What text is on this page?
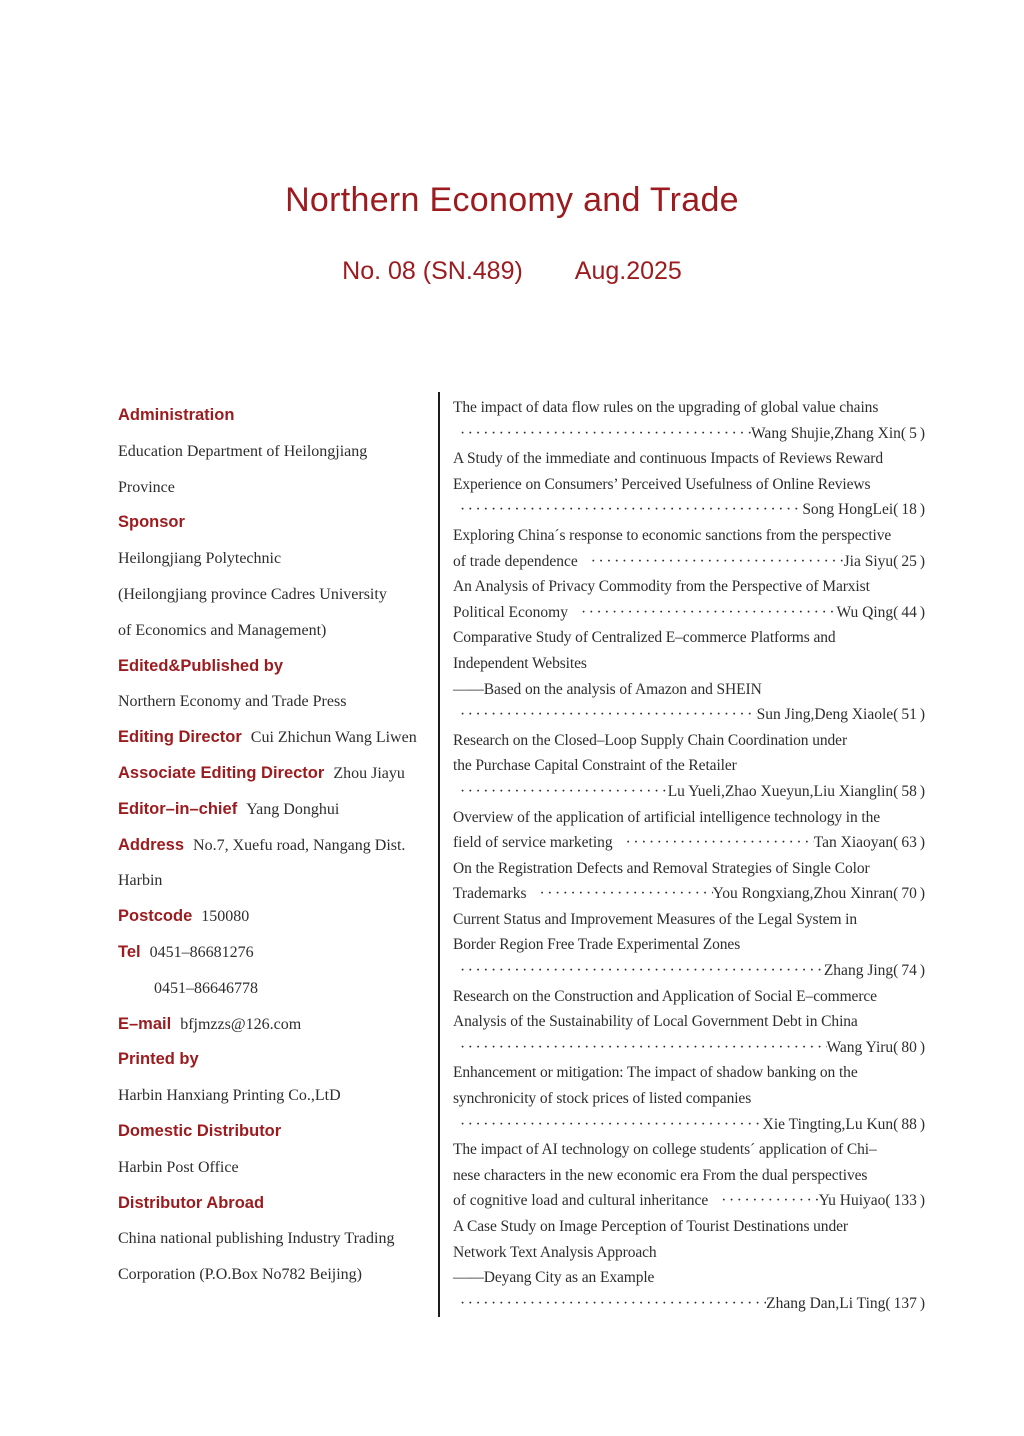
Northern Economy and Trade
No. 08 (SN.489) Aug.2025
Administration
Education Department of Heilongjiang
Province
Sponsor
Heilongjiang Polytechnic
(Heilongjiang province Cadres University
of Economics and Management)
Edited&Published by
Northern Economy and Trade Press
Editing Director Cui Zhichun Wang Liwen
Associate Editing Director Zhou Jiayu
Editor–in–chief Yang Donghui
Address No.7, Xuefu road, Nangang Dist.
Harbin
Postcode 150080
Tel 0451–86681276
0451–86646778
E–mail bfjmzzs@126.com
Printed by
Harbin Hanxiang Printing Co.,LtD
Domestic Distributor
Harbin Post Office
Distributor Abroad
China national publishing Industry Trading
Corporation (P.O.Box No782 Beijing)
The impact of data flow rules on the upgrading of global value chains
·····
Wang Shujie,Zhang Xin ( 5 )
A Study of the immediate and continuous Impacts of Reviews Reward
Experience on Consumers’ Perceived Usefulness of Online Reviews
·····
Song HongLei ( 18 )
Exploring China´s response to economic sanctions from the perspective
of trade dependence ·····	Jia Siyu ( 25 )
An Analysis of Privacy Commodity from the Perspective of Marxist
Political Economy ·····	Wu Qing ( 44 )
Comparative Study of Centralized E–commerce Platforms and
Independent Websites
——Based on the analysis of Amazon and SHEIN
·····
Sun Jing,Deng Xiaole ( 51 )
Research on the Closed–Loop Supply Chain Coordination under
the Purchase Capital Constraint of the Retailer
·····
Lu Yueli,Zhao Xueyun,Liu Xianglin ( 58 )
Overview of the application of artificial intelligence technology in the
field of service marketing ·····	Tan Xiaoyan ( 63 )
On the Registration Defects and Removal Strategies of Single Color
Trademarks ·····	You Rongxiang,Zhou Xinran ( 70 )
Current Status and Improvement Measures of the Legal System in
Border Region Free Trade Experimental Zones
·····
Zhang Jing ( 74 )
Research on the Construction and Application of Social E–commerce
Analysis of the Sustainability of Local Government Debt in China
·····
Wang Yiru ( 80 )
Enhancement or mitigation: The impact of shadow banking on the
synchronicity of stock prices of listed companies
·····
Xie Tingting,Lu Kun ( 88 )
The impact of AI technology on college students´ application of Chi–
nese characters in the new economic era From the dual perspectives
of cognitive load and cultural inheritance ·····	Yu Huiyao ( 133 )
A Case Study on Image Perception of Tourist Destinations under
Network Text Analysis Approach
——Deyang City as an Example
·····
Zhang Dan,Li Ting ( 137 )
